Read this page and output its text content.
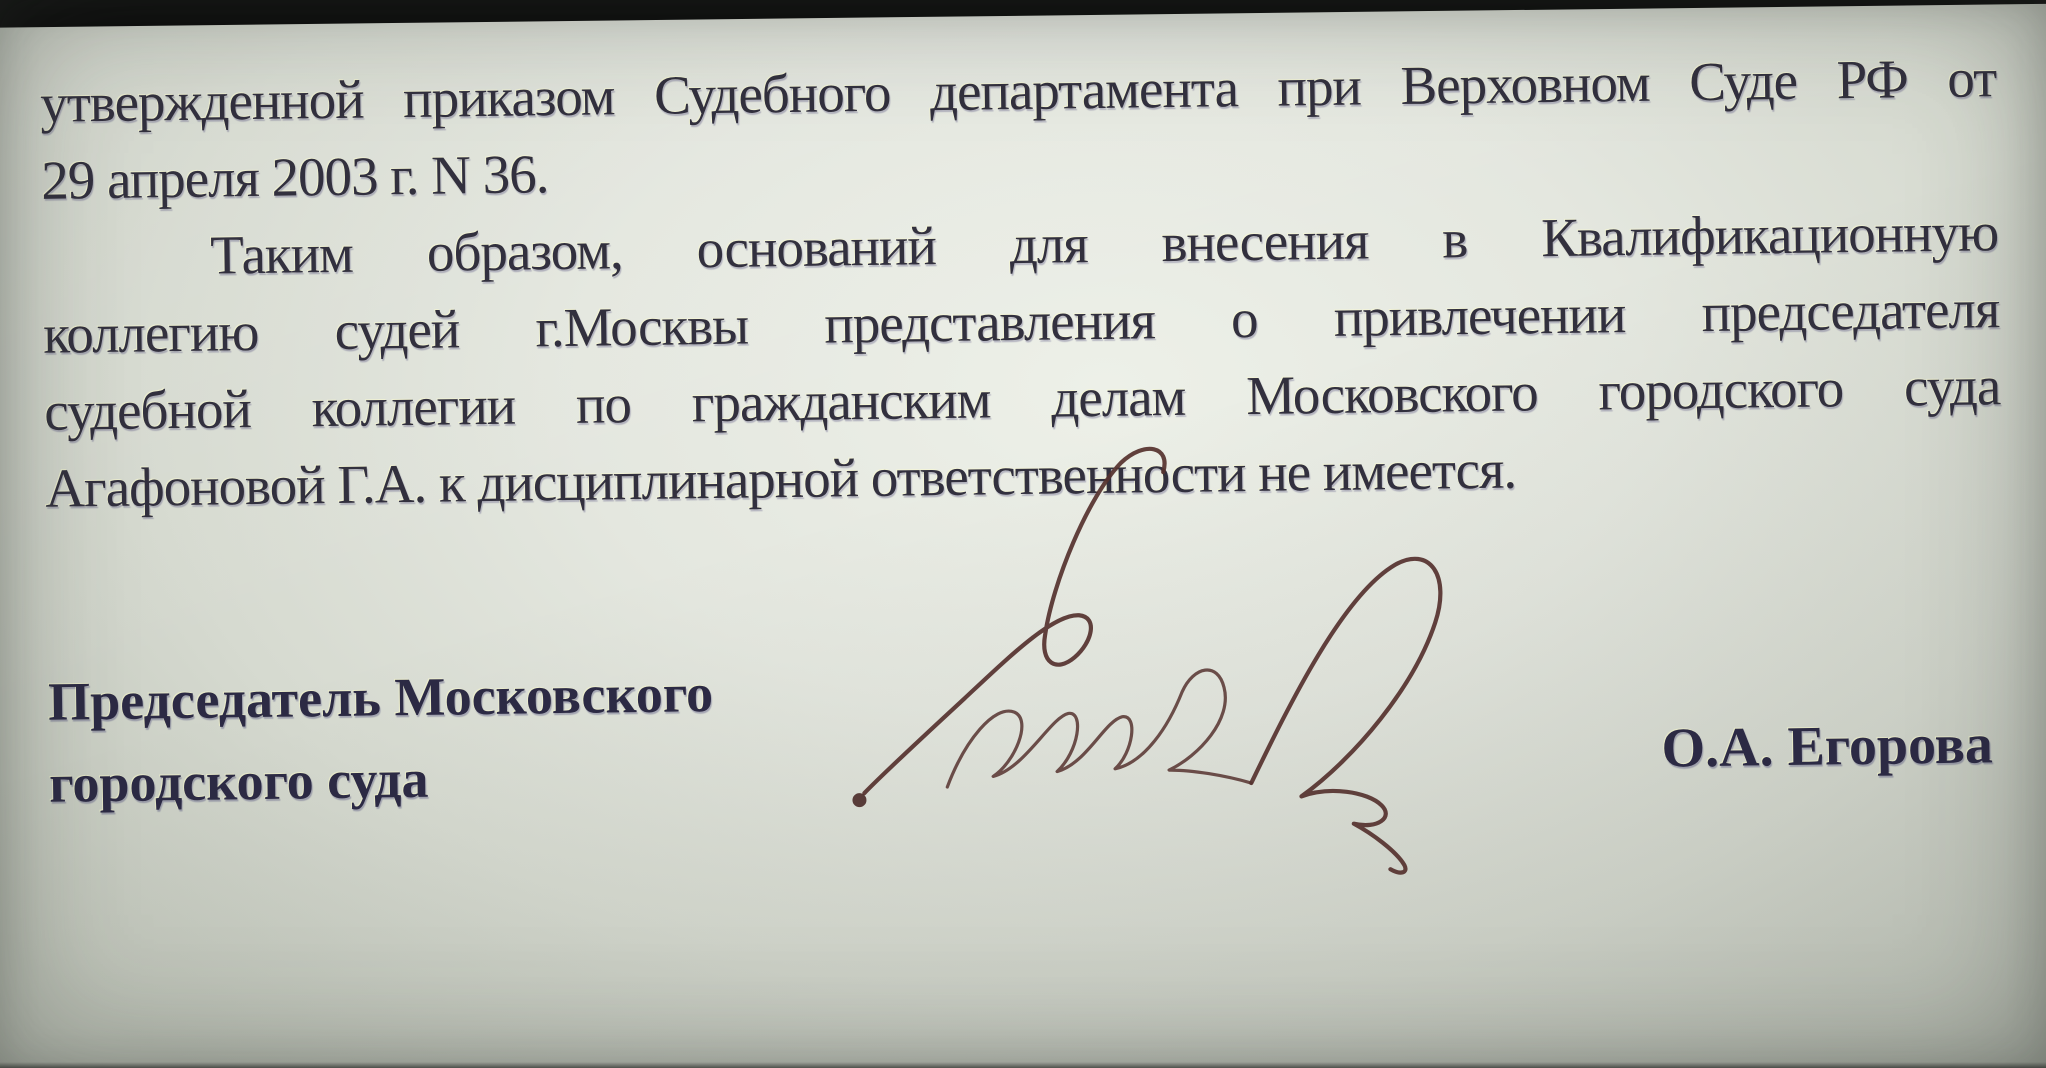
утвержденной приказом Судебного департамента при Верховном Суде РФ от
29 апреля 2003 г. N 36.
Таким образом, оснований для внесения в Квалификационную
коллегию судей г.Москвы представления о привлечении председателя
судебной коллегии по гражданским делам Московского городского суда
Агафоновой Г.А. к дисциплинарной ответственности не имеется.
Председатель Московского
городского суда
О.А. Егорова
